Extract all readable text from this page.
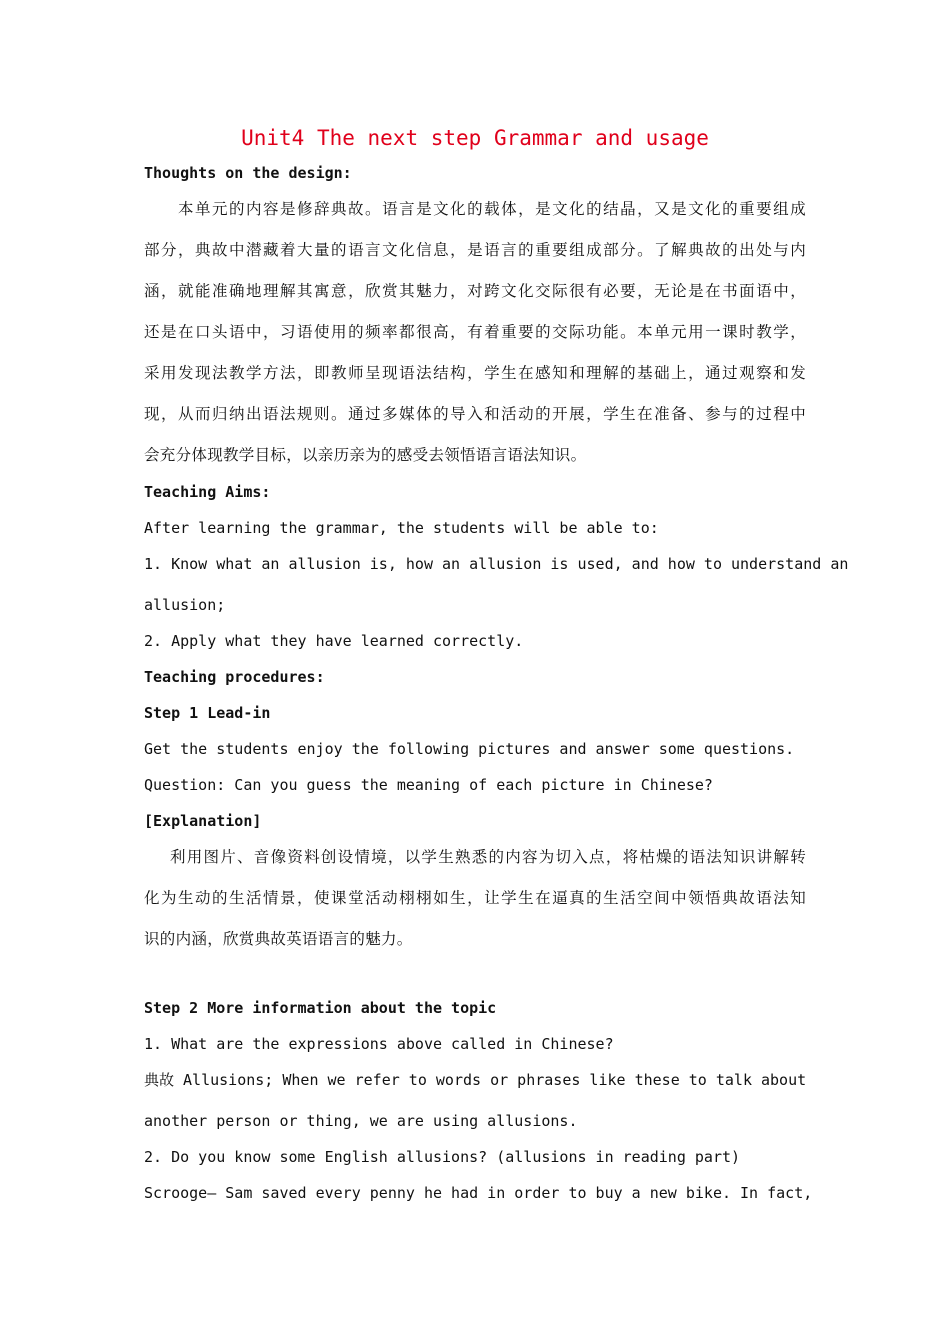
Unit4 The next step Grammar and usage
Thoughts on the design:
本单元的内容是修辞典故。语言是文化的载体，是文化的结晶，又是文化的重要组成
部分，典故中潜藏着大量的语言文化信息，是语言的重要组成部分。了解典故的出处与内
涵，就能准确地理解其寓意，欣赏其魅力，对跨文化交际很有必要，无论是在书面语中，
还是在口头语中，习语使用的频率都很高，有着重要的交际功能。本单元用一课时教学，
采用发现法教学方法，即教师呈现语法结构，学生在感知和理解的基础上，通过观察和发
现，从而归纳出语法规则。通过多媒体的导入和活动的开展，学生在准备、参与的过程中
会充分体现教学目标，以亲历亲为的感受去领悟语言语法知识。
Teaching Aims:
After learning the grammar, the students will be able to:
1. Know what an allusion is, how an allusion is used, and how to understand an
allusion;
2. Apply what they have learned correctly.
Teaching procedures:
Step 1 Lead-in
Get the students enjoy the following pictures and answer some questions.
Question: Can you guess the meaning of each picture in Chinese?
[Explanation]
利用图片、音像资料创设情境，以学生熟悉的内容为切入点，将枯燥的语法知识讲解转
化为生动的生活情景，使课堂活动栩栩如生，让学生在逼真的生活空间中领悟典故语法知
识的内涵，欣赏典故英语语言的魅力。
Step 2 More information about the topic
1. What are the expressions above called in Chinese?
典故 Allusions; When we refer to words or phrases like these to talk about
another person or thing, we are using allusions.
2. Do you know some English allusions? (allusions in reading part)
Scrooge— Sam saved every penny he had in order to buy a new bike. In fact,
